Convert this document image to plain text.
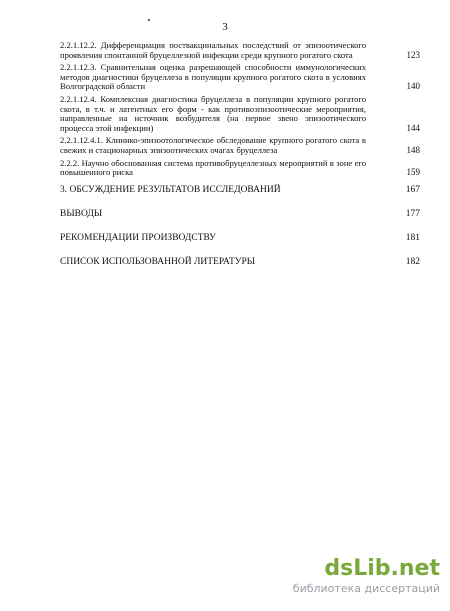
3
2.2.1.12.2. Дифференциация поствакцинальных последствий от эпизоотического проявления спонтанной бруцеллезной инфекции среди крупного рогатого скота	123
2.2.1.12.3. Сравнительная оценка разрешающей способности иммунологических методов диагностики бруцеллеза в популяции крупного рогатого скота в условиях Волгоградской области	140
2.2.1.12.4. Комплексная диагностика бруцеллеза в популяции крупного рогатого скота, в т.ч. и латентных его форм - как противоэпизоотические мероприятия, направленные на источник возбудителя (на первое звено эпизоотического процесса этой инфекции)	144
2.2.1.12.4.1. Клинико-эпизоотологическое обследование крупного рогатого скота в свежих и стационарных эпизоотических очагах бруцеллеза	148
2.2.2. Научно обоснованная система противобруцеллезных мероприятий в зоне его повышенного риска	159
3. ОБСУЖДЕНИЕ РЕЗУЛЬТАТОВ ИССЛЕДОВАНИЙ	167
ВЫВОДЫ	177
РЕКОМЕНДАЦИИ ПРОИЗВОДСТВУ	181
СПИСОК ИСПОЛЬЗОВАННОЙ ЛИТЕРАТУРЫ	182
dsLib.net
библиотека диссертаций
